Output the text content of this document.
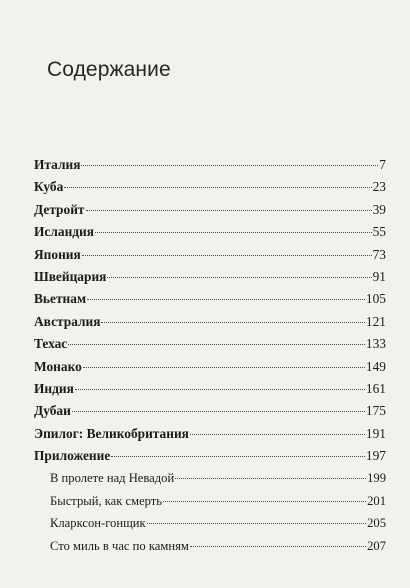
Содержание
Италия	7
Куба	23
Детройт	39
Исландия	55
Япония	73
Швейцария	91
Вьетнам	105
Австралия	121
Техас	133
Монако	149
Индия	161
Дубаи	175
Эпилог: Великобритания	191
Приложение	197
В пролете над Невадой	199
Быстрый, как смерть	201
Кларксон-гонщик	205
Сто миль в час по камням	207
